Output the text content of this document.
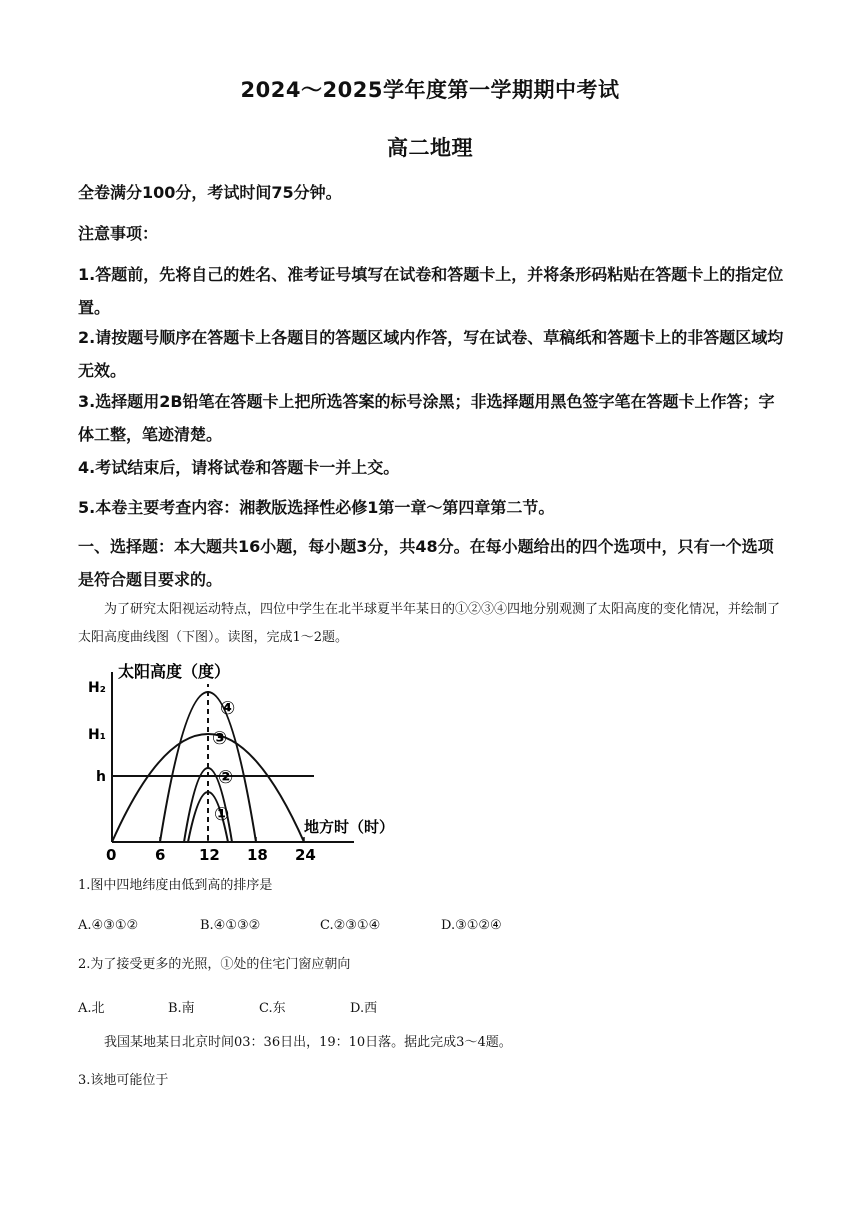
2024～2025学年度第一学期期中考试
高二地理
全卷满分100分，考试时间75分钟。
注意事项：
1.答题前，先将自己的姓名、准考证号填写在试卷和答题卡上，并将条形码粘贴在答题卡上的指定位置。
2.请按题号顺序在答题卡上各题目的答题区域内作答，写在试卷、草稿纸和答题卡上的非答题区域均无效。
3.选择题用2B铅笔在答题卡上把所选答案的标号涂黑；非选择题用黑色签字笔在答题卡上作答；字体工整，笔迹清楚。
4.考试结束后，请将试卷和答题卡一并上交。
5.本卷主要考查内容：湘教版选择性必修1第一章～第四章第二节。
一、选择题：本大题共16小题，每小题3分，共48分。在每小题给出的四个选项中，只有一个选项是符合题目要求的。
为了研究太阳视运动特点，四位中学生在北半球夏半年某日的①②③④四地分别观测了太阳高度的变化情况，并绘制了太阳高度曲线图（下图）。读图，完成1～2题。
太阳高度（度）
H₂
H₁
h
④
③
②
①
地方时（时）
0	6 12 18 24
1.图中四地纬度由低到高的排序是
A.④③①②	B.④①③②	C.②③①④	D.③①②④
2.为了接受更多的光照，①处的住宅门窗应朝向
A.北	B.南	C.东	D.西
我国某地某日北京时间03：36日出，19：10日落。据此完成3～4题。
3.该地可能位于
